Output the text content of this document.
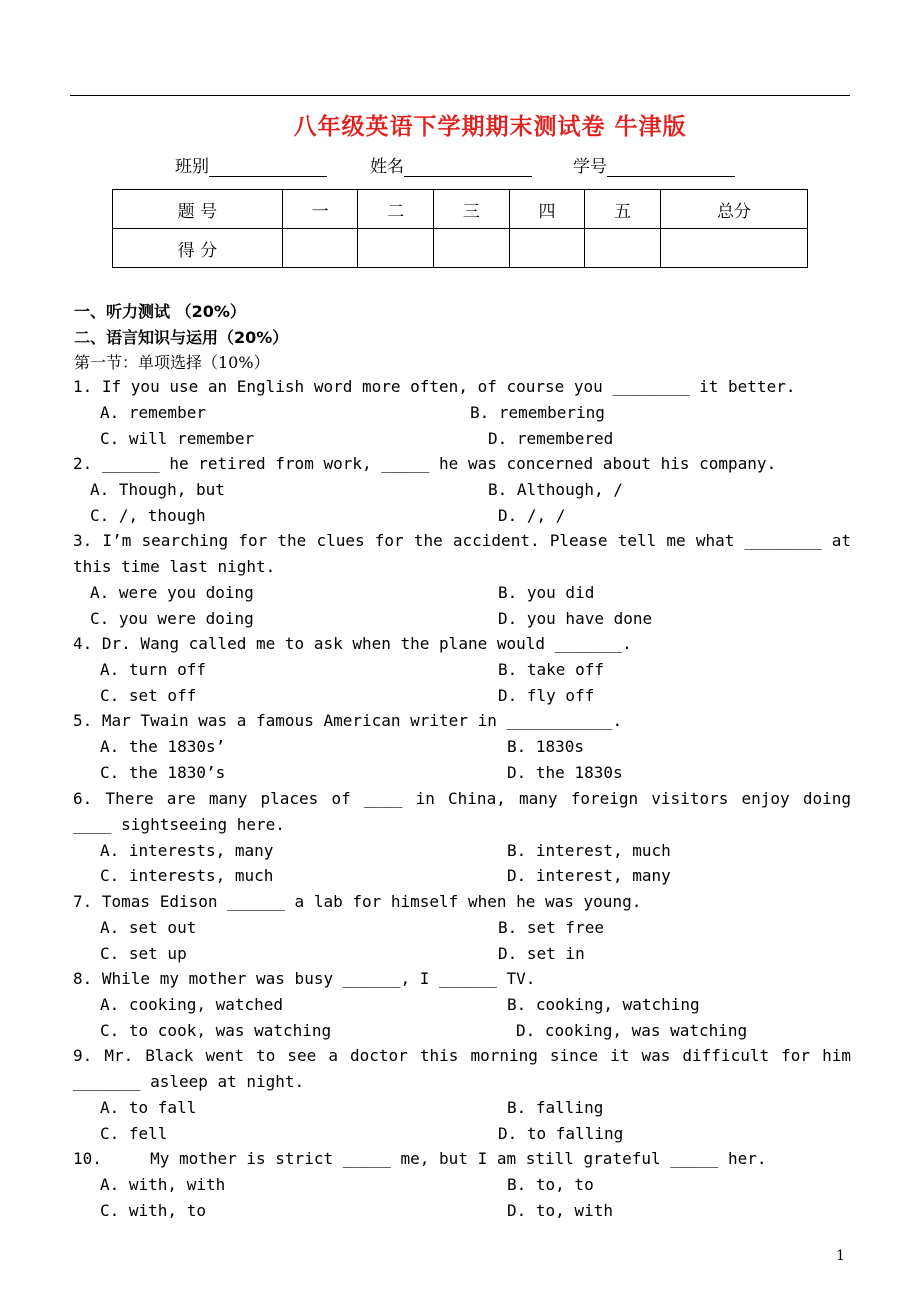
八年级英语下学期期末测试卷 牛津版
班别	姓名	学号
题 号	一	二	三	四	五	总分
得 分						
一、听力测试 （20%）
二、语言知识与运用（20%）
第一节：单项选择（10%）
1. If you use an English word more often, of course you ________ it better.
A. remember	B. remembering
C. will remember	D. remembered
2. ______ he retired from work, _____ he was concerned about his company.
A. Though, but	B. Although, /
C. /, though	D. /, /
3. I’m searching for the clues for the accident. Please tell me what ________ at this time last night.
A. were you doing	B. you did
C. you were doing	D. you have done
4. Dr. Wang called me to ask when the plane would _______.
A. turn off	B. take off
C. set off	D. fly off
5. Mar Twain was a famous American writer in ___________.
A. the 1830s’	B. 1830s
C. the 1830’s	D. the 1830s
6. There are many places of ____ in China, many foreign visitors enjoy doing ____ sightseeing here.
A. interests, many	B. interest, much
C. interests, much	D. interest, many
7. Tomas Edison ______ a lab for himself when he was young.
A. set out	B. set free
C. set up	D. set in
8. While my mother was busy ______, I ______ TV.
A. cooking, watched	B. cooking, watching
C. to cook, was watching	D. cooking, was watching
9. Mr. Black went to see a doctor this morning since it was difficult for him _______ asleep at night.
A. to fall	B. falling
C. fell	D. to falling
10.     My mother is strict _____ me, but I am still grateful _____ her.
A. with, with	B. to, to
C. with, to	D. to, with
1
